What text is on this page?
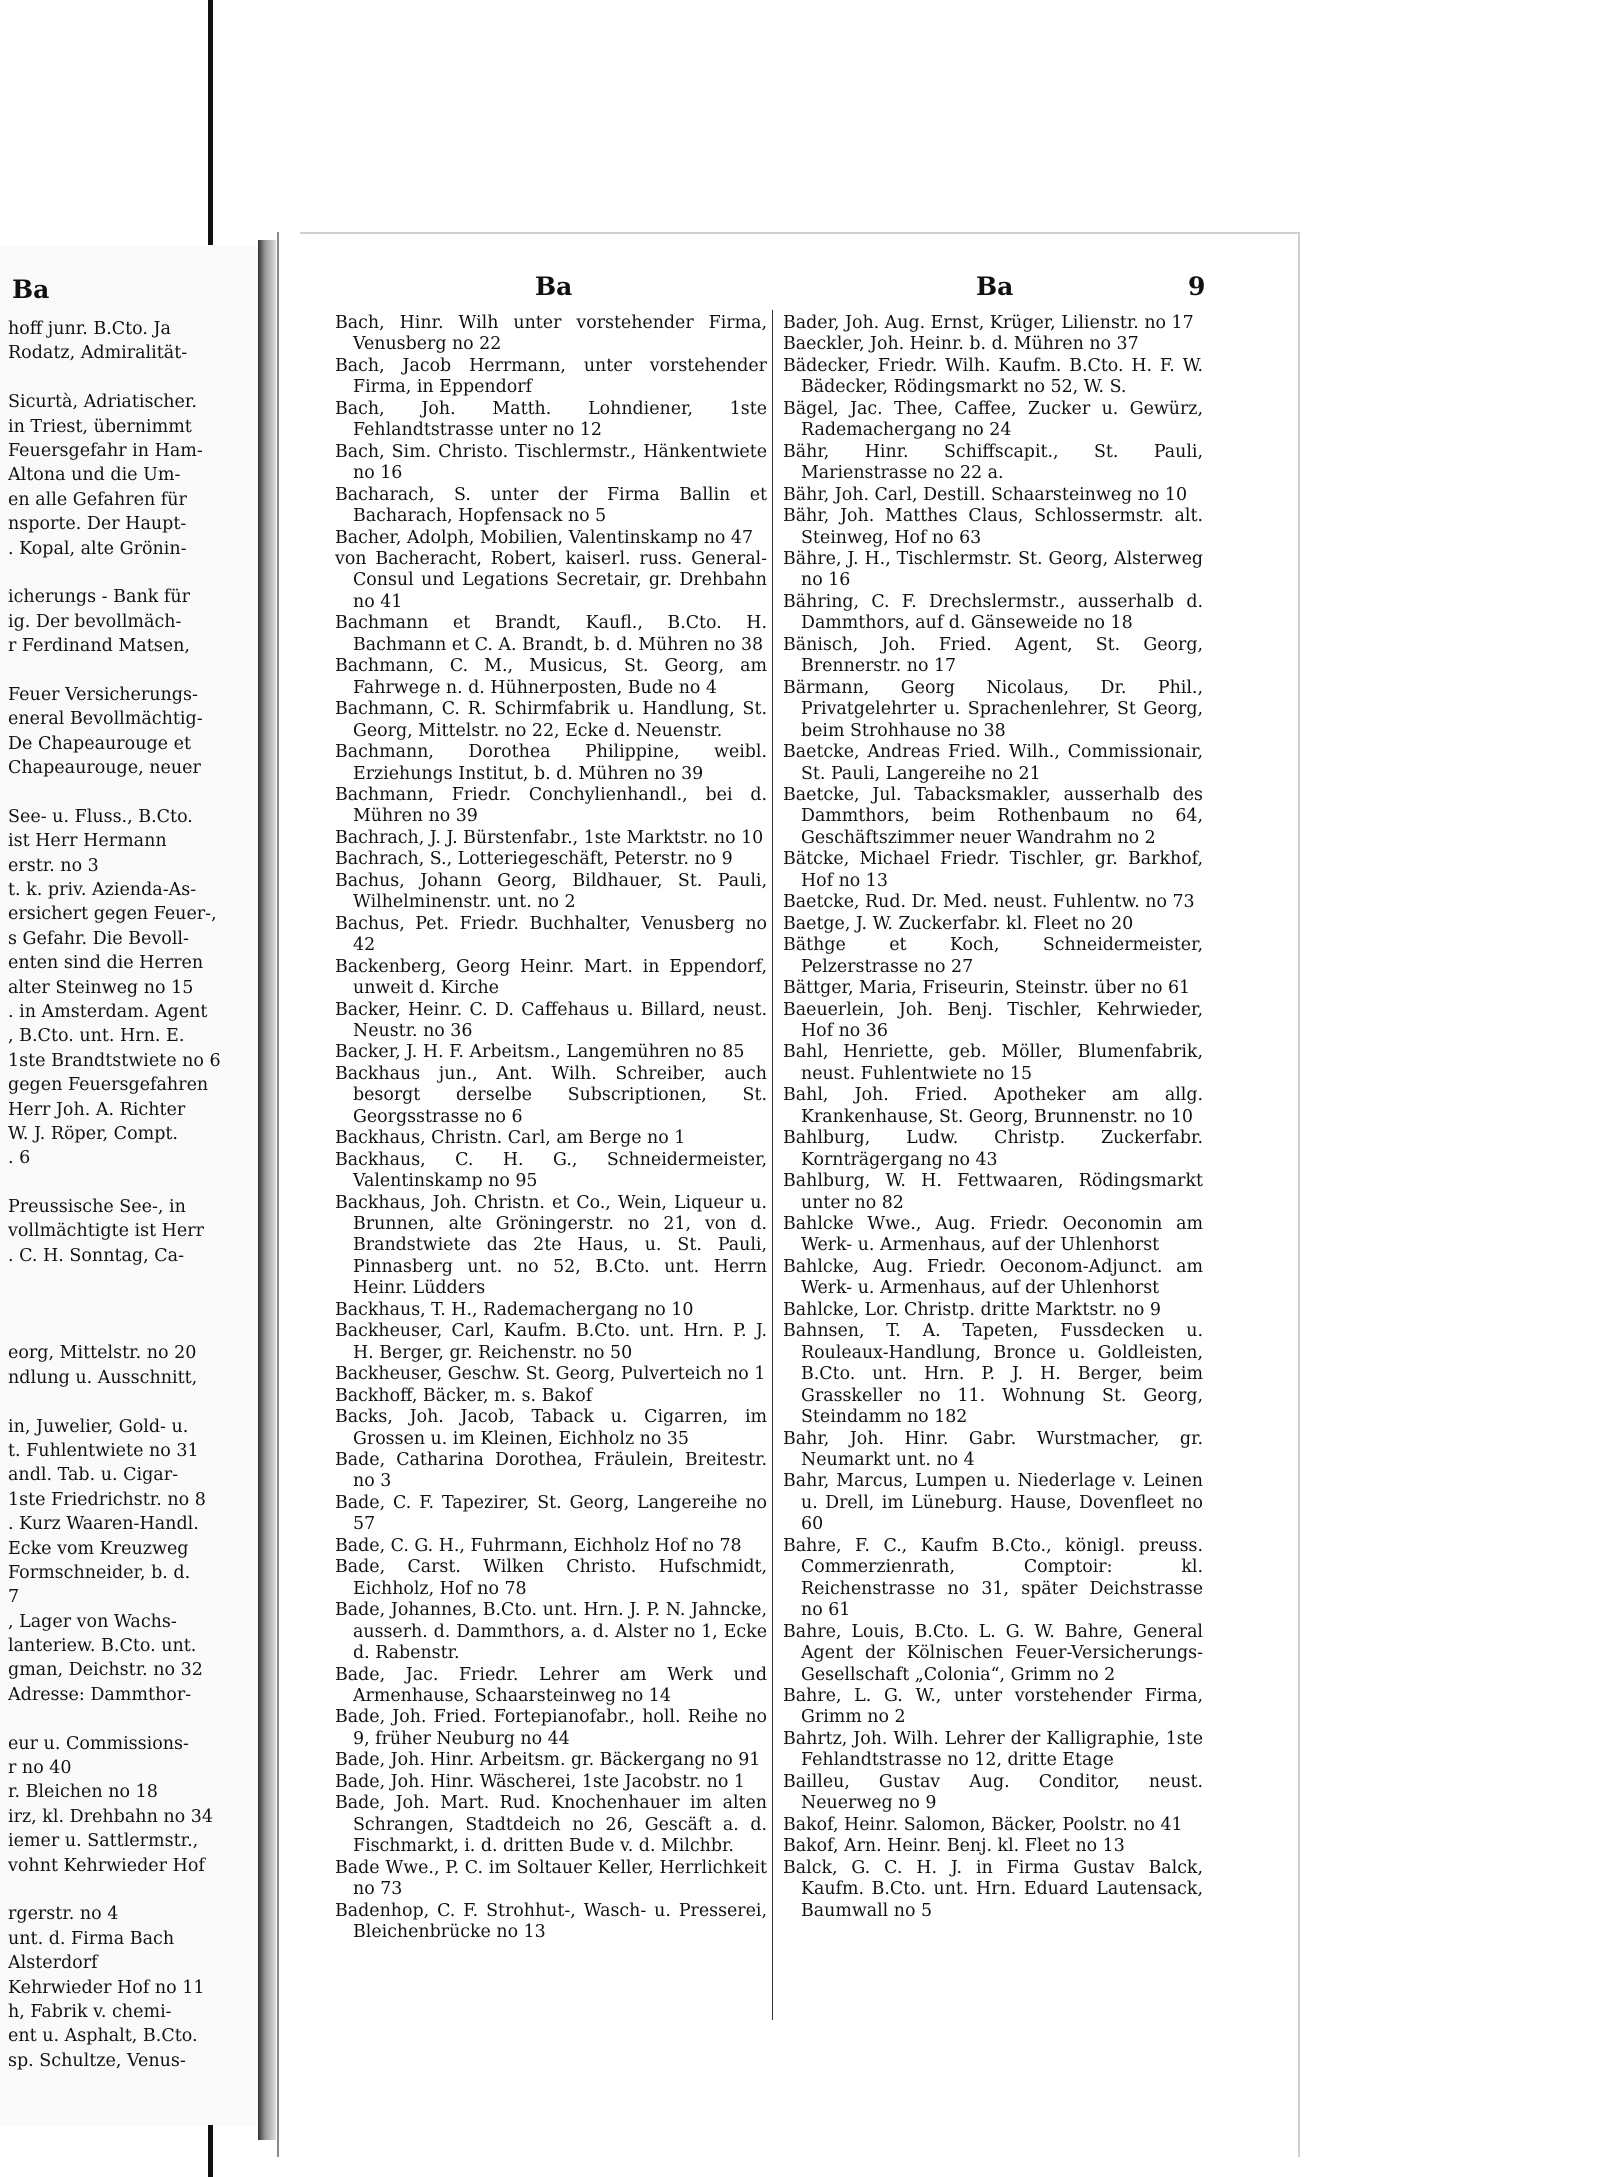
Ba
hoff junr. B.Cto. Ja
Rodatz, Admiralität-
Sicurtà, Adriatischer.
in Triest, übernimmt
Feuersgefahr in Ham-
Altona und die Um-
en alle Gefahren für
nsporte. Der Haupt-
. Kopal, alte Grönin-
icherungs - Bank für
ig. Der bevollmäch-
r Ferdinand Matsen,
Feuer Versicherungs-
eneral Bevollmächtig-
De Chapeaurouge et
Chapeaurouge, neuer
See- u. Fluss., B.Cto.
ist Herr Hermann
erstr. no 3
t. k. priv. Azienda-As-
ersichert gegen Feuer-,
s Gefahr. Die Bevoll-
enten sind die Herren
alter Steinweg no 15
. in Amsterdam. Agent
, B.Cto. unt. Hrn. E.
1ste Brandtstwiete no 6
gegen Feuersgefahren
Herr Joh. A. Richter
W. J. Röper, Compt.
. 6
Preussische See-, in
vollmächtigte ist Herr
. C. H. Sonntag, Ca-
eorg, Mittelstr. no 20
ndlung u. Ausschnitt,
in, Juwelier, Gold- u.
t. Fuhlentwiete no 31
andl. Tab. u. Cigar-
1ste Friedrichstr. no 8
. Kurz Waaren-Handl.
Ecke vom Kreuzweg
Formschneider, b. d.
7
, Lager von Wachs-
lanteriew. B.Cto. unt.
gman, Deichstr. no 32
Adresse: Dammthor-
eur u. Commissions-
r no 40
r. Bleichen no 18
irz, kl. Drehbahn no 34
iemer u. Sattlermstr.,
vohnt Kehrwieder Hof
rgerstr. no 4
unt. d. Firma Bach
Alsterdorf
Kehrwieder Hof no 11
h, Fabrik v. chemi-
ent u. Asphalt, B.Cto.
sp. Schultze, Venus-
Ba	Ba	9

Bach, Hinr. Wilh unter vorstehender Firma, Venusberg no 22

Bach, Jacob Herrmann, unter vorstehender Firma, in Eppendorf

Bach, Joh. Matth. Lohndiener, 1ste Fehlandtstrasse unter no 12

Bach, Sim. Christo. Tischlermstr., Hänkentwiete no 16

Bacharach, S. unter der Firma Ballin et Bacharach, Hopfensack no 5

Bacher, Adolph, Mobilien, Valentinskamp no 47

von Bacheracht, Robert, kaiserl. russ. General-Consul und Legations Secretair, gr. Drehbahn no 41

Bachmann et Brandt, Kaufl., B.Cto. H. Bachmann et C. A. Brandt, b. d. Mühren no 38

Bachmann, C. M., Musicus, St. Georg, am Fahrwege n. d. Hühnerposten, Bude no 4

Bachmann, C. R. Schirmfabrik u. Handlung, St. Georg, Mittelstr. no 22, Ecke d. Neuenstr.

Bachmann, Dorothea Philippine, weibl. Erziehungs Institut, b. d. Mühren no 39

Bachmann, Friedr. Conchylienhandl., bei d. Mühren no 39

Bachrach, J. J. Bürstenfabr., 1ste Marktstr. no 10

Bachrach, S., Lotteriegeschäft, Peterstr. no 9

Bachus, Johann Georg, Bildhauer, St. Pauli, Wilhelminenstr. unt. no 2

Bachus, Pet. Friedr. Buchhalter, Venusberg no 42

Backenberg, Georg Heinr. Mart. in Eppendorf, unweit d. Kirche

Backer, Heinr. C. D. Caffehaus u. Billard, neust. Neustr. no 36

Backer, J. H. F. Arbeitsm., Langemühren no 85

Backhaus jun., Ant. Wilh. Schreiber, auch besorgt derselbe Subscriptionen, St. Georgsstrasse no 6

Backhaus, Christn. Carl, am Berge no 1

Backhaus, C. H. G., Schneidermeister, Valentinskamp no 95

Backhaus, Joh. Christn. et Co., Wein, Liqueur u. Brunnen, alte Gröningerstr. no 21, von d. Brandstwiete das 2te Haus, u. St. Pauli, Pinnasberg unt. no 52, B.Cto. unt. Herrn Heinr. Lüdders

Backhaus, T. H., Rademachergang no 10

Backheuser, Carl, Kaufm. B.Cto. unt. Hrn. P. J. H. Berger, gr. Reichenstr. no 50

Backheuser, Geschw. St. Georg, Pulverteich no 1

Backhoff, Bäcker, m. s. Bakof

Backs, Joh. Jacob, Taback u. Cigarren, im Grossen u. im Kleinen, Eichholz no 35

Bade, Catharina Dorothea, Fräulein, Breitestr. no 3

Bade, C. F. Tapezirer, St. Georg, Langereihe no 57

Bade, C. G. H., Fuhrmann, Eichholz Hof no 78

Bade, Carst. Wilken Christo. Hufschmidt, Eichholz, Hof no 78

Bade, Johannes, B.Cto. unt. Hrn. J. P. N. Jahncke, ausserh. d. Dammthors, a. d. Alster no 1, Ecke d. Rabenstr.

Bade, Jac. Friedr. Lehrer am Werk und Armenhause, Schaarsteinweg no 14

Bade, Joh. Fried. Fortepianofabr., holl. Reihe no 9, früher Neuburg no 44

Bade, Joh. Hinr. Arbeitsm. gr. Bäckergang no 91

Bade, Joh. Hinr. Wäscherei, 1ste Jacobstr. no 1

Bade, Joh. Mart. Rud. Knochenhauer im alten Schrangen, Stadtdeich no 26, Gescäft a. d. Fischmarkt, i. d. dritten Bude v. d. Milchbr.

Bade Wwe., P. C. im Soltauer Keller, Herrlichkeit no 73

Badenhop, C. F. Strohhut-, Wasch- u. Presserei, Bleichenbrücke no 13

Bader, Joh. Aug. Ernst, Krüger, Lilienstr. no 17

Baeckler, Joh. Heinr. b. d. Mühren no 37

Bädecker, Friedr. Wilh. Kaufm. B.Cto. H. F. W. Bädecker, Rödingsmarkt no 52, W. S.

Bägel, Jac. Thee, Caffee, Zucker u. Gewürz, Rademachergang no 24

Bähr, Hinr. Schiffscapit., St. Pauli, Marienstrasse no 22 a.

Bähr, Joh. Carl, Destill. Schaarsteinweg no 10

Bähr, Joh. Matthes Claus, Schlossermstr. alt. Steinweg, Hof no 63

Bähre, J. H., Tischlermstr. St. Georg, Alsterweg no 16

Bähring, C. F. Drechslermstr., ausserhalb d. Dammthors, auf d. Gänseweide no 18

Bänisch, Joh. Fried. Agent, St. Georg, Brennerstr. no 17

Bärmann, Georg Nicolaus, Dr. Phil., Privatgelehrter u. Sprachenlehrer, St Georg, beim Strohhause no 38

Baetcke, Andreas Fried. Wilh., Commissionair, St. Pauli, Langereihe no 21

Baetcke, Jul. Tabacksmakler, ausserhalb des Dammthors, beim Rothenbaum no 64, Geschäftszimmer neuer Wandrahm no 2

Bätcke, Michael Friedr. Tischler, gr. Barkhof, Hof no 13

Baetcke, Rud. Dr. Med. neust. Fuhlentw. no 73

Baetge, J. W. Zuckerfabr. kl. Fleet no 20

Bäthge et Koch, Schneidermeister, Pelzerstrasse no 27

Bättger, Maria, Friseurin, Steinstr. über no 61

Baeuerlein, Joh. Benj. Tischler, Kehrwieder, Hof no 36

Bahl, Henriette, geb. Möller, Blumenfabrik, neust. Fuhlentwiete no 15

Bahl, Joh. Fried. Apotheker am allg. Krankenhause, St. Georg, Brunnenstr. no 10

Bahlburg, Ludw. Christp. Zuckerfabr. Kornträgergang no 43

Bahlburg, W. H. Fettwaaren, Rödingsmarkt unter no 82

Bahlcke Wwe., Aug. Friedr. Oeconomin am Werk- u. Armenhaus, auf der Uhlenhorst

Bahlcke, Aug. Friedr. Oeconom-Adjunct. am Werk- u. Armenhaus, auf der Uhlenhorst

Bahlcke, Lor. Christp. dritte Marktstr. no 9

Bahnsen, T. A. Tapeten, Fussdecken u. Rouleaux-Handlung, Bronce u. Goldleisten, B.Cto. unt. Hrn. P. J. H. Berger, beim Grasskeller no 11. Wohnung St. Georg, Steindamm no 182

Bahr, Joh. Hinr. Gabr. Wurstmacher, gr. Neumarkt unt. no 4

Bahr, Marcus, Lumpen u. Niederlage v. Leinen u. Drell, im Lüneburg. Hause, Dovenfleet no 60

Bahre, F. C., Kaufm B.Cto., königl. preuss. Commerzienrath, Comptoir: kl. Reichenstrasse no 31, später Deichstrasse no 61

Bahre, Louis, B.Cto. L. G. W. Bahre, General Agent der Kölnischen Feuer-Versicherungs-Gesellschaft „Colonia“, Grimm no 2

Bahre, L. G. W., unter vorstehender Firma, Grimm no 2

Bahrtz, Joh. Wilh. Lehrer der Kalligraphie, 1ste Fehlandtstrasse no 12, dritte Etage

Bailleu, Gustav Aug. Conditor, neust. Neuerweg no 9

Bakof, Heinr. Salomon, Bäcker, Poolstr. no 41

Bakof, Arn. Heinr. Benj. kl. Fleet no 13

Balck, G. C. H. J. in Firma Gustav Balck, Kaufm. B.Cto. unt. Hrn. Eduard Lautensack, Baumwall no 5
